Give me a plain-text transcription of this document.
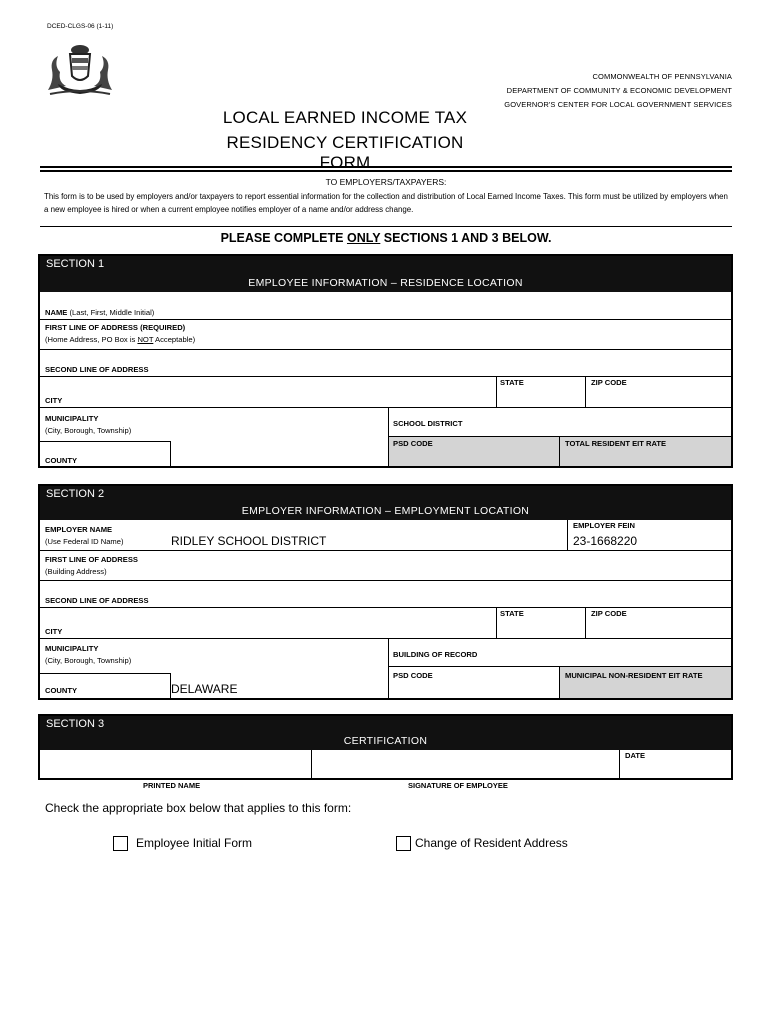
DCED-CLGS-06 (1-11)
COMMONWEALTH OF PENNSYLVANIA
DEPARTMENT OF COMMUNITY & ECONOMIC DEVELOPMENT
GOVERNOR'S CENTER FOR LOCAL GOVERNMENT SERVICES
LOCAL EARNED INCOME TAX
RESIDENCY CERTIFICATION FORM
TO EMPLOYERS/TAXPAYERS:
This form is to be used by employers and/or taxpayers to report essential information for the collection and distribution of Local Earned Income Taxes. This form must be utilized by employers when a new employee is hired or when a current employee notifies employer of a name and/or address change.
PLEASE COMPLETE ONLY SECTIONS 1 AND 3 BELOW.
SECTION 1
EMPLOYEE INFORMATION – RESIDENCE LOCATION
NAME (Last, First, Middle Initial)
FIRST LINE OF ADDRESS (REQUIRED)
(Home Address, PO Box is NOT Acceptable)
SECOND LINE OF ADDRESS
STATE	ZIP CODE
CITY
MUNICIPALITY
(City, Borough, Township)
SCHOOL DISTRICT
PSD CODE	TOTAL RESIDENT EIT RATE
COUNTY
SECTION 2
EMPLOYER INFORMATION – EMPLOYMENT LOCATION
EMPLOYER FEIN
23-1668220
EMPLOYER NAME
(Use Federal ID Name)	RIDLEY SCHOOL DISTRICT
FIRST LINE OF ADDRESS
(Building Address)
SECOND LINE OF ADDRESS
STATE	ZIP CODE
CITY
MUNICIPALITY
(City, Borough, Township)
BUILDING OF RECORD
PSD CODE	MUNICIPAL NON-RESIDENT EIT RATE
COUNTY	DELAWARE
SECTION 3
CERTIFICATION
DATE
PRINTED NAME	SIGNATURE OF EMPLOYEE
Check the appropriate box below that applies to this form:
Employee Initial Form	Change of Resident Address
